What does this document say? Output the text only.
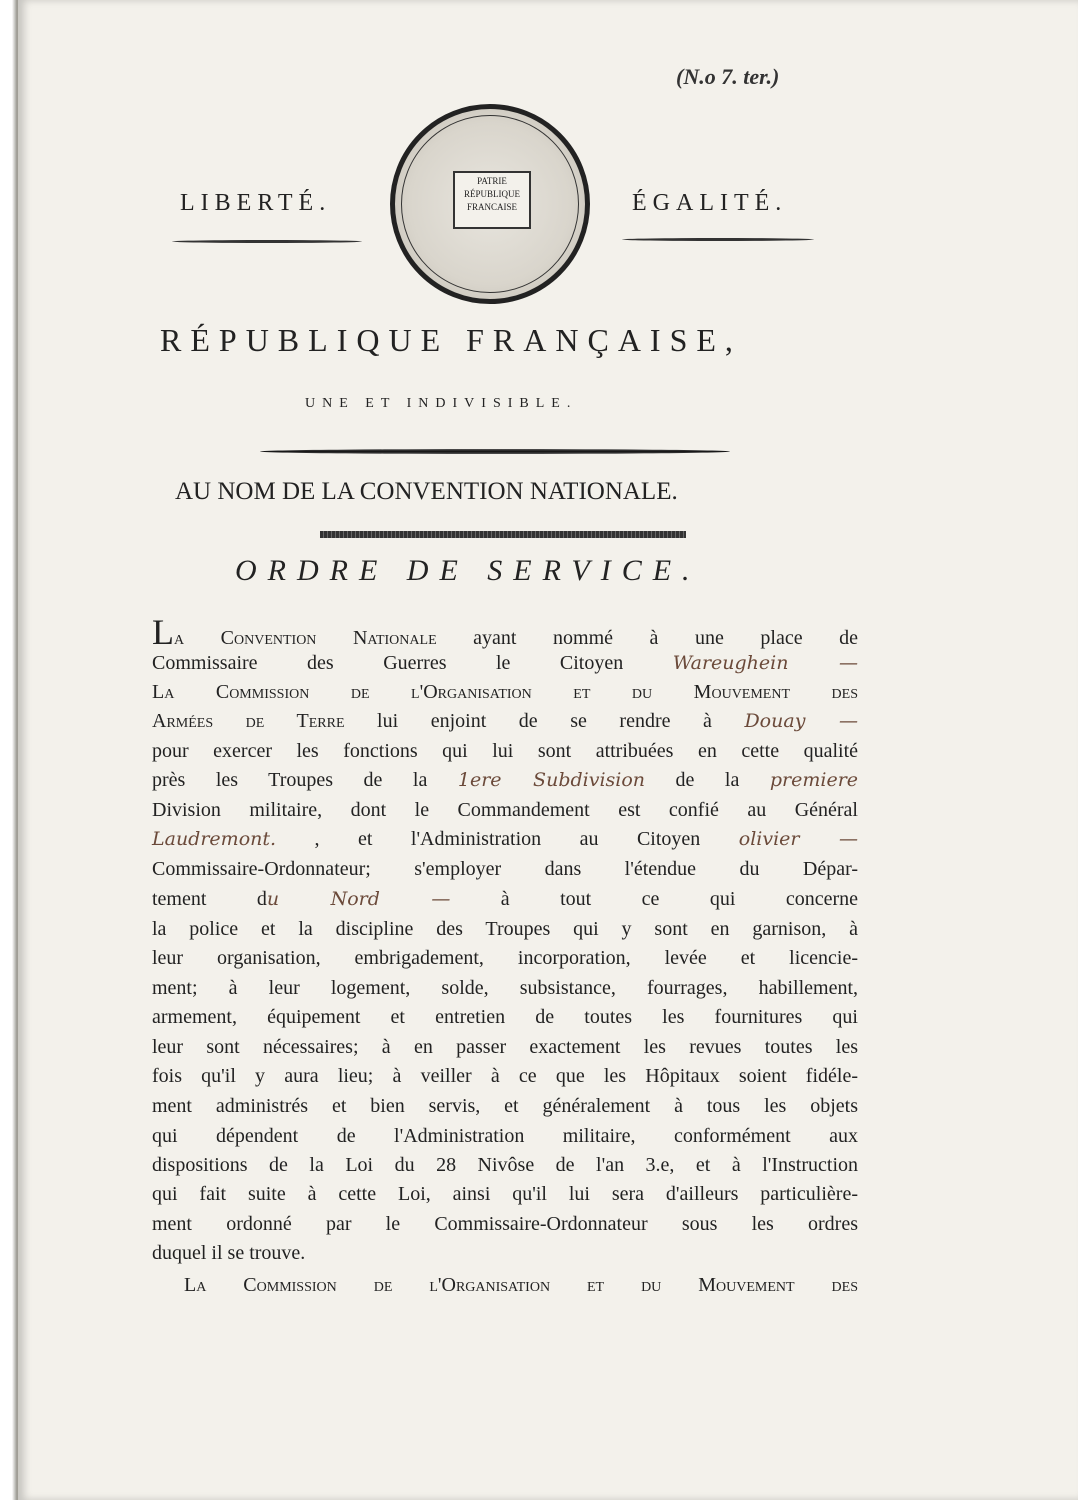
(N.o 7. ter.)
LIBERTÉ.	ÉGALITÉ.
PATRIE
RÉPUBLIQUE
FRANCAISE
RÉPUBLIQUE FRANÇAISE,
UNE ET INDIVISIBLE.
AU NOM DE LA CONVENTION NATIONALE.
ORDRE DE SERVICE.
La Convention Nationale ayant nommé à une place de
Commissaire des Guerres le Citoyen	Wareughein —
La Commission de l'Organisation et du Mouvement des
Armées de Terre lui enjoint de se rendre à Douay —
pour exercer les fonctions qui lui sont attribuées en cette qualité
près les Troupes de la 1ere Subdivision de la premiere
Division militaire, dont le Commandement est confié au Général
Laudremont. , et l'Administration au Citoyen olivier —
Commissaire-Ordonnateur; s'employer dans l'étendue du Dépar-
tement du Nord —	à tout ce qui concerne
la police et la discipline des Troupes qui y sont en garnison, à
leur organisation, embrigadement, incorporation, levée et licencie-
ment; à leur logement, solde, subsistance, fourrages, habillement,
armement, équipement et entretien de toutes les fournitures qui
leur sont nécessaires; à en passer exactement les revues toutes les
fois qu'il y aura lieu; à veiller à ce que les Hôpitaux soient fidéle-
ment administrés et bien servis, et généralement à tous les objets
qui dépendent de l'Administration militaire, conformément aux
dispositions de la Loi du 28 Nivôse de l'an 3.e, et à l'Instruction
qui fait suite à cette Loi, ainsi qu'il lui sera d'ailleurs particulière-
ment ordonné par le Commissaire-Ordonnateur sous les ordres
duquel il se trouve.
La Commission de l'Organisation et du Mouvement des
